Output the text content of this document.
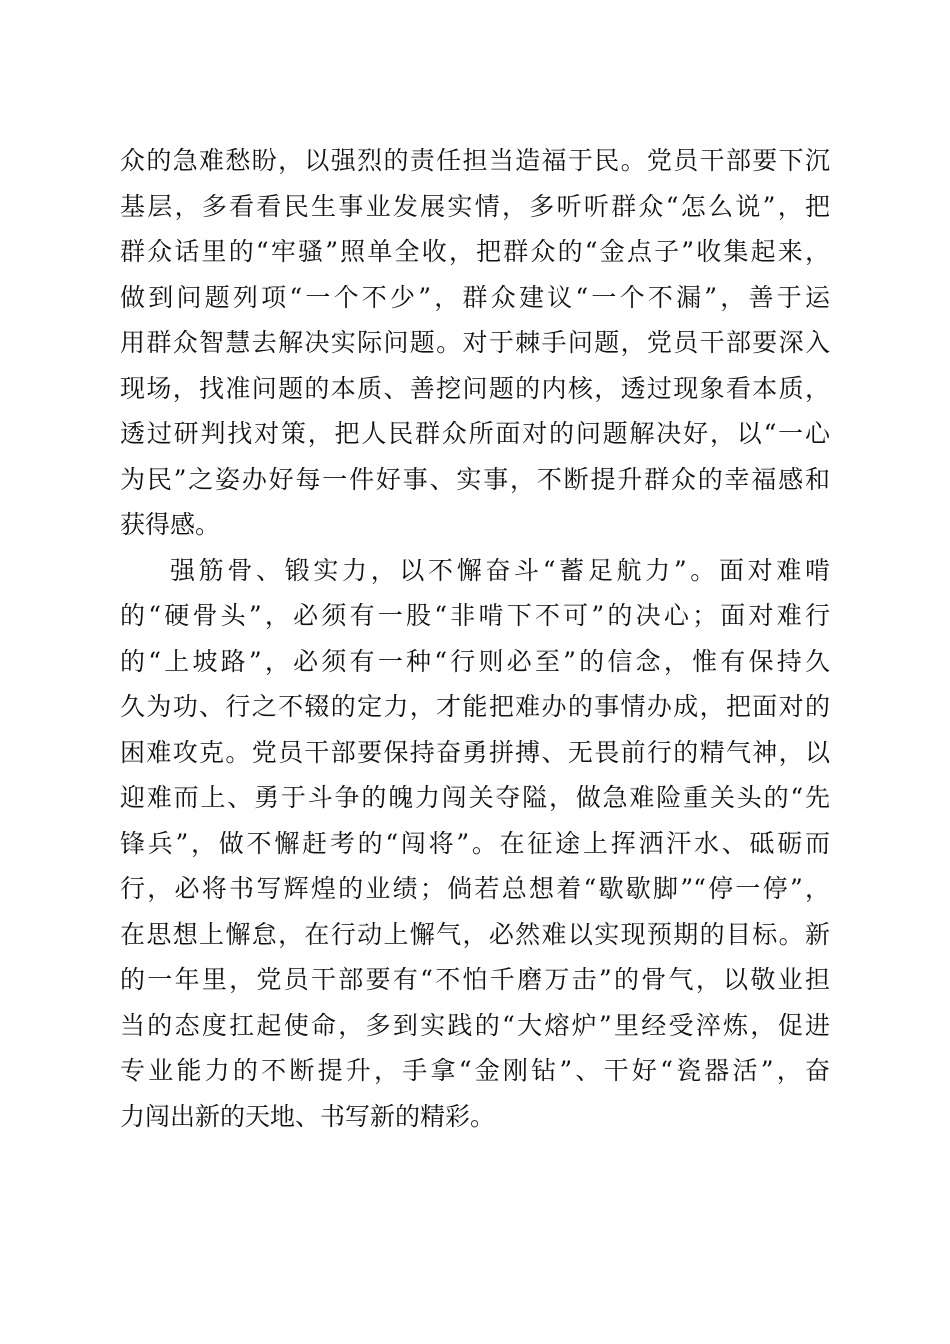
众的急难愁盼，以强烈的责任担当造福于民。党员干部要下沉
基层，多看看民生事业发展实情，多听听群众“怎么说”，把
群众话里的“牢骚”照单全收，把群众的“金点子”收集起来，
做到问题列项“一个不少”，群众建议“一个不漏”，善于运
用群众智慧去解决实际问题。对于棘手问题，党员干部要深入
现场，找准问题的本质、善挖问题的内核，透过现象看本质，
透过研判找对策，把人民群众所面对的问题解决好，以“一心
为民”之姿办好每一件好事、实事，不断提升群众的幸福感和
获得感。
强筋骨、锻实力，以不懈奋斗“蓄足航力”。面对难啃
的“硬骨头”，必须有一股“非啃下不可”的决心；面对难行
的“上坡路”，必须有一种“行则必至”的信念，惟有保持久
久为功、行之不辍的定力，才能把难办的事情办成，把面对的
困难攻克。党员干部要保持奋勇拼搏、无畏前行的精气神，以
迎难而上、勇于斗争的魄力闯关夺隘，做急难险重关头的“先
锋兵”，做不懈赶考的“闯将”。在征途上挥洒汗水、砥砺而
行，必将书写辉煌的业绩；倘若总想着“歇歇脚”“停一停”，
在思想上懈怠，在行动上懈气，必然难以实现预期的目标。新
的一年里，党员干部要有“不怕千磨万击”的骨气，以敬业担
当的态度扛起使命，多到实践的“大熔炉”里经受淬炼，促进
专业能力的不断提升，手拿“金刚钻”、干好“瓷器活”，奋
力闯出新的天地、书写新的精彩。
